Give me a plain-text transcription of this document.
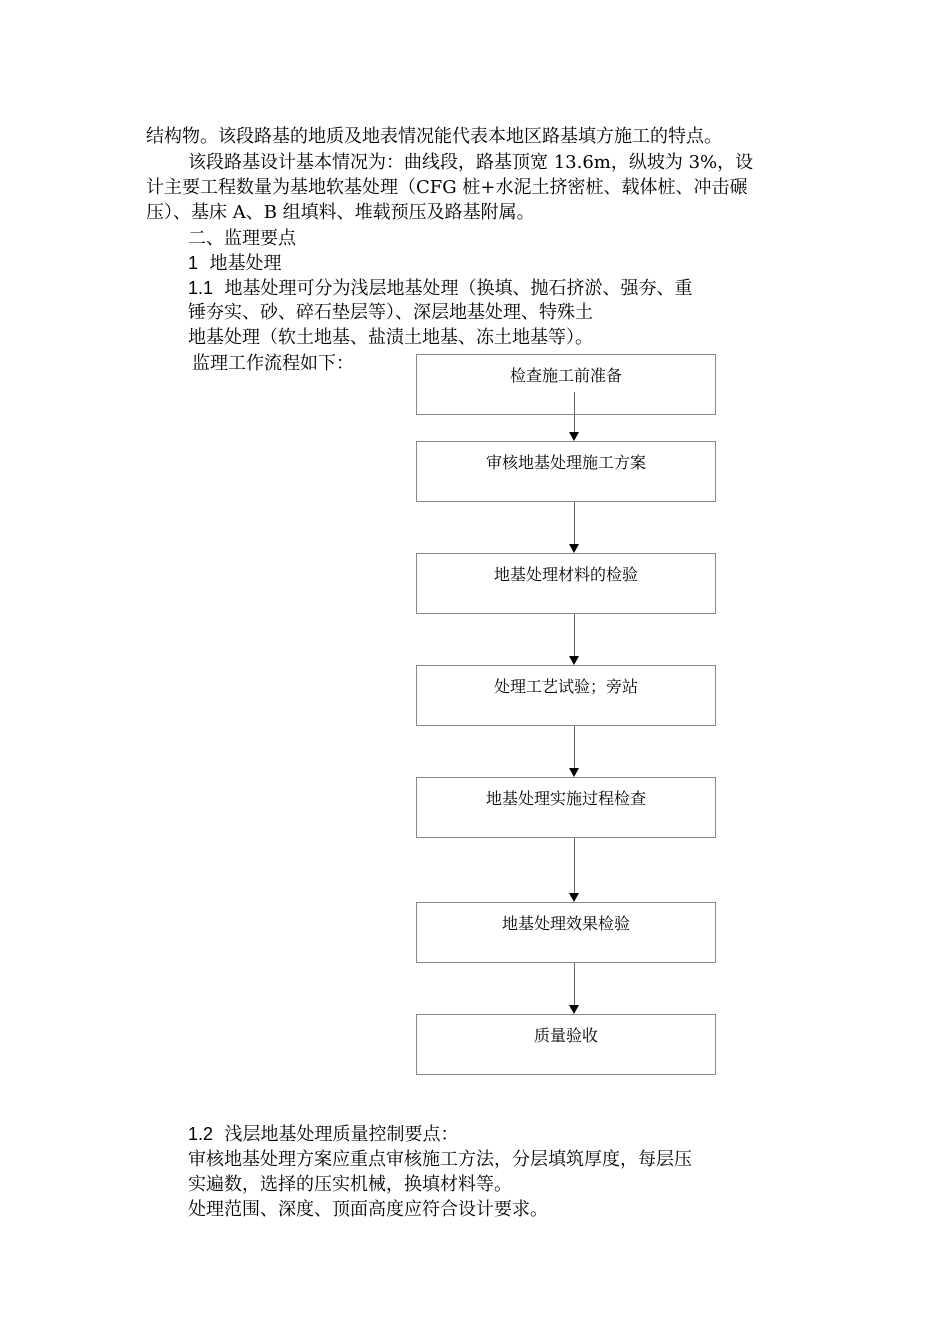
结构物。该段路基的地质及地表情况能代表本地区路基填方施工的特点。
该段路基设计基本情况为：曲线段，路基顶宽 13.6m，纵坡为 3%，设
计主要工程数量为基地软基处理（CFG 桩+水泥土挤密桩、载体桩、冲击碾
压）、基床 A、B 组填料、堆载预压及路基附属。
二、监理要点
1 地基处理
1.1 地基处理可分为浅层地基处理（换填、抛石挤淤、强夯、重
锤夯实、砂、碎石垫层等）、深层地基处理、特殊土
地基处理（软土地基、盐渍土地基、冻土地基等）。
监理工作流程如下：
检查施工前准备
审核地基处理施工方案
地基处理材料的检验
处理工艺试验；旁站
地基处理实施过程检查
地基处理效果检验
质量验收
1.2 浅层地基处理质量控制要点：
审核地基处理方案应重点审核施工方法，分层填筑厚度，每层压
实遍数，选择的压实机械，换填材料等。
处理范围、深度、顶面高度应符合设计要求。
